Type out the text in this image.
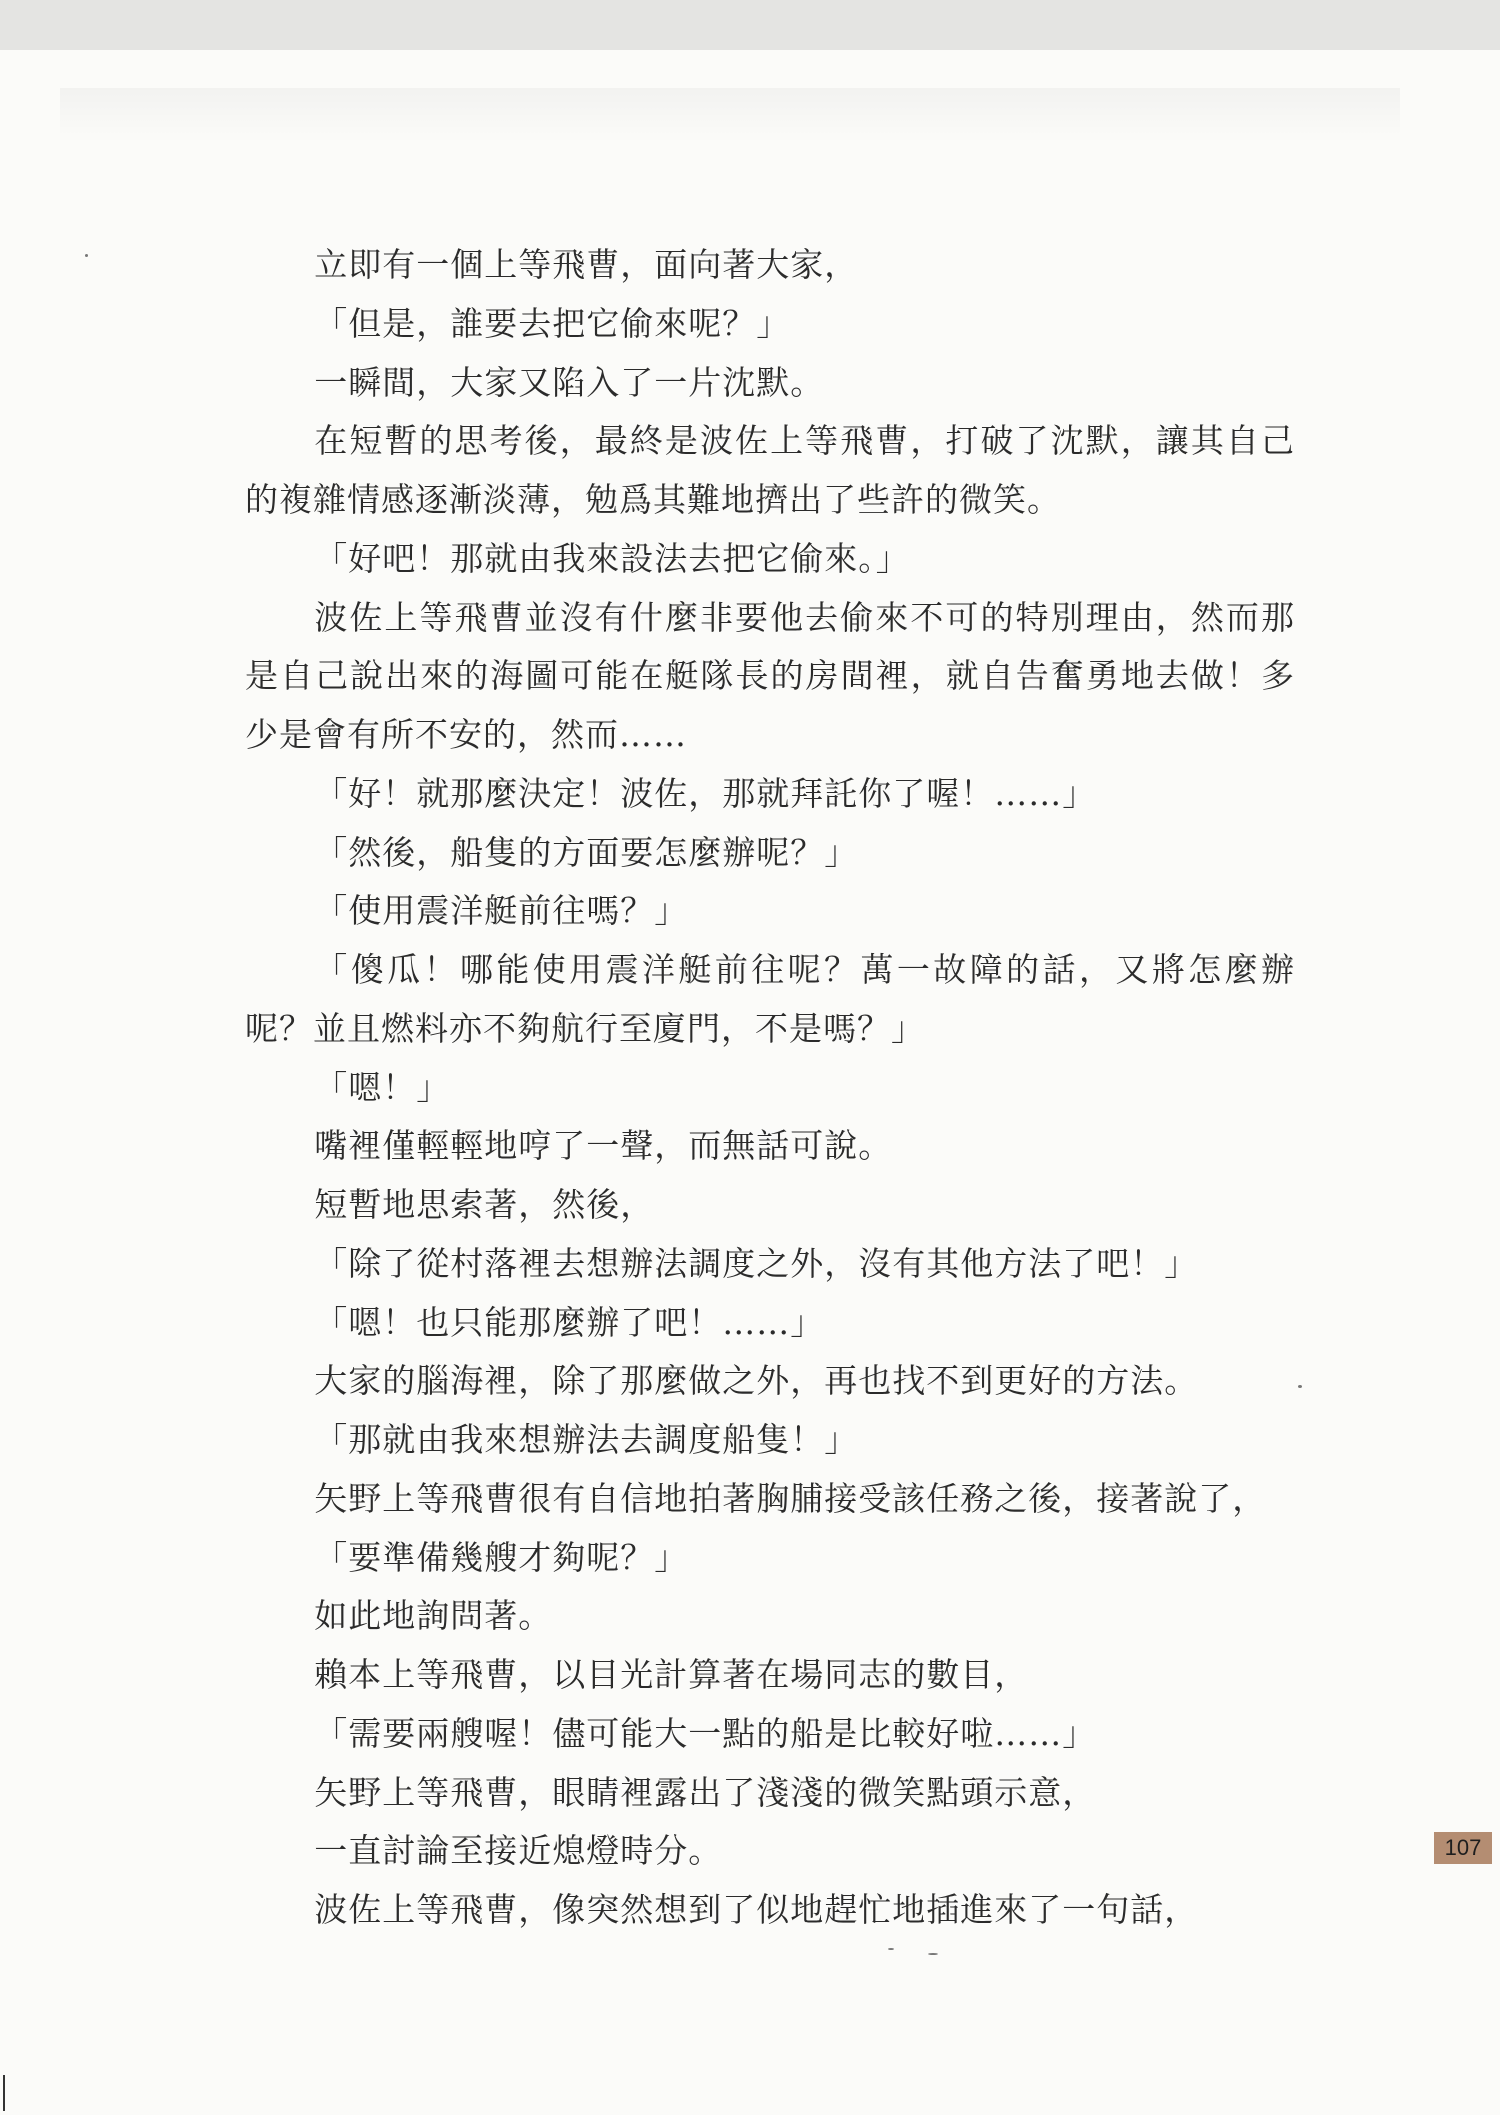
立即有一個上等飛曹，面向著大家，

「但是，誰要去把它偷來呢？」

一瞬間，大家又陷入了一片沈默。

在短暫的思考後，最終是波佐上等飛曹，打破了沈默，讓其自己的複雜情感逐漸淡薄，勉爲其難地擠出了些許的微笑。

「好吧！那就由我來設法去把它偷來。」

波佐上等飛曹並沒有什麼非要他去偷來不可的特別理由，然而那是自己說出來的海圖可能在艇隊長的房間裡，就自告奮勇地去做！多少是會有所不安的，然而……

「好！就那麼決定！波佐，那就拜託你了喔！……」

「然後，船隻的方面要怎麼辦呢？」

「使用震洋艇前往嗎？」

「傻瓜！哪能使用震洋艇前往呢？萬一故障的話，又將怎麼辦呢？並且燃料亦不夠航行至廈門，不是嗎？」

「嗯！」

嘴裡僅輕輕地哼了一聲，而無話可說。

短暫地思索著，然後，

「除了從村落裡去想辦法調度之外，沒有其他方法了吧！」

「嗯！也只能那麼辦了吧！……」

大家的腦海裡，除了那麼做之外，再也找不到更好的方法。

「那就由我來想辦法去調度船隻！」

矢野上等飛曹很有自信地拍著胸脯接受該任務之後，接著說了，

「要準備幾艘才夠呢？」

如此地詢問著。

賴本上等飛曹，以目光計算著在場同志的數目，

「需要兩艘喔！儘可能大一點的船是比較好啦……」

矢野上等飛曹，眼睛裡露出了淺淺的微笑點頭示意，

一直討論至接近熄燈時分。

波佐上等飛曹，像突然想到了似地趕忙地插進來了一句話，

107
